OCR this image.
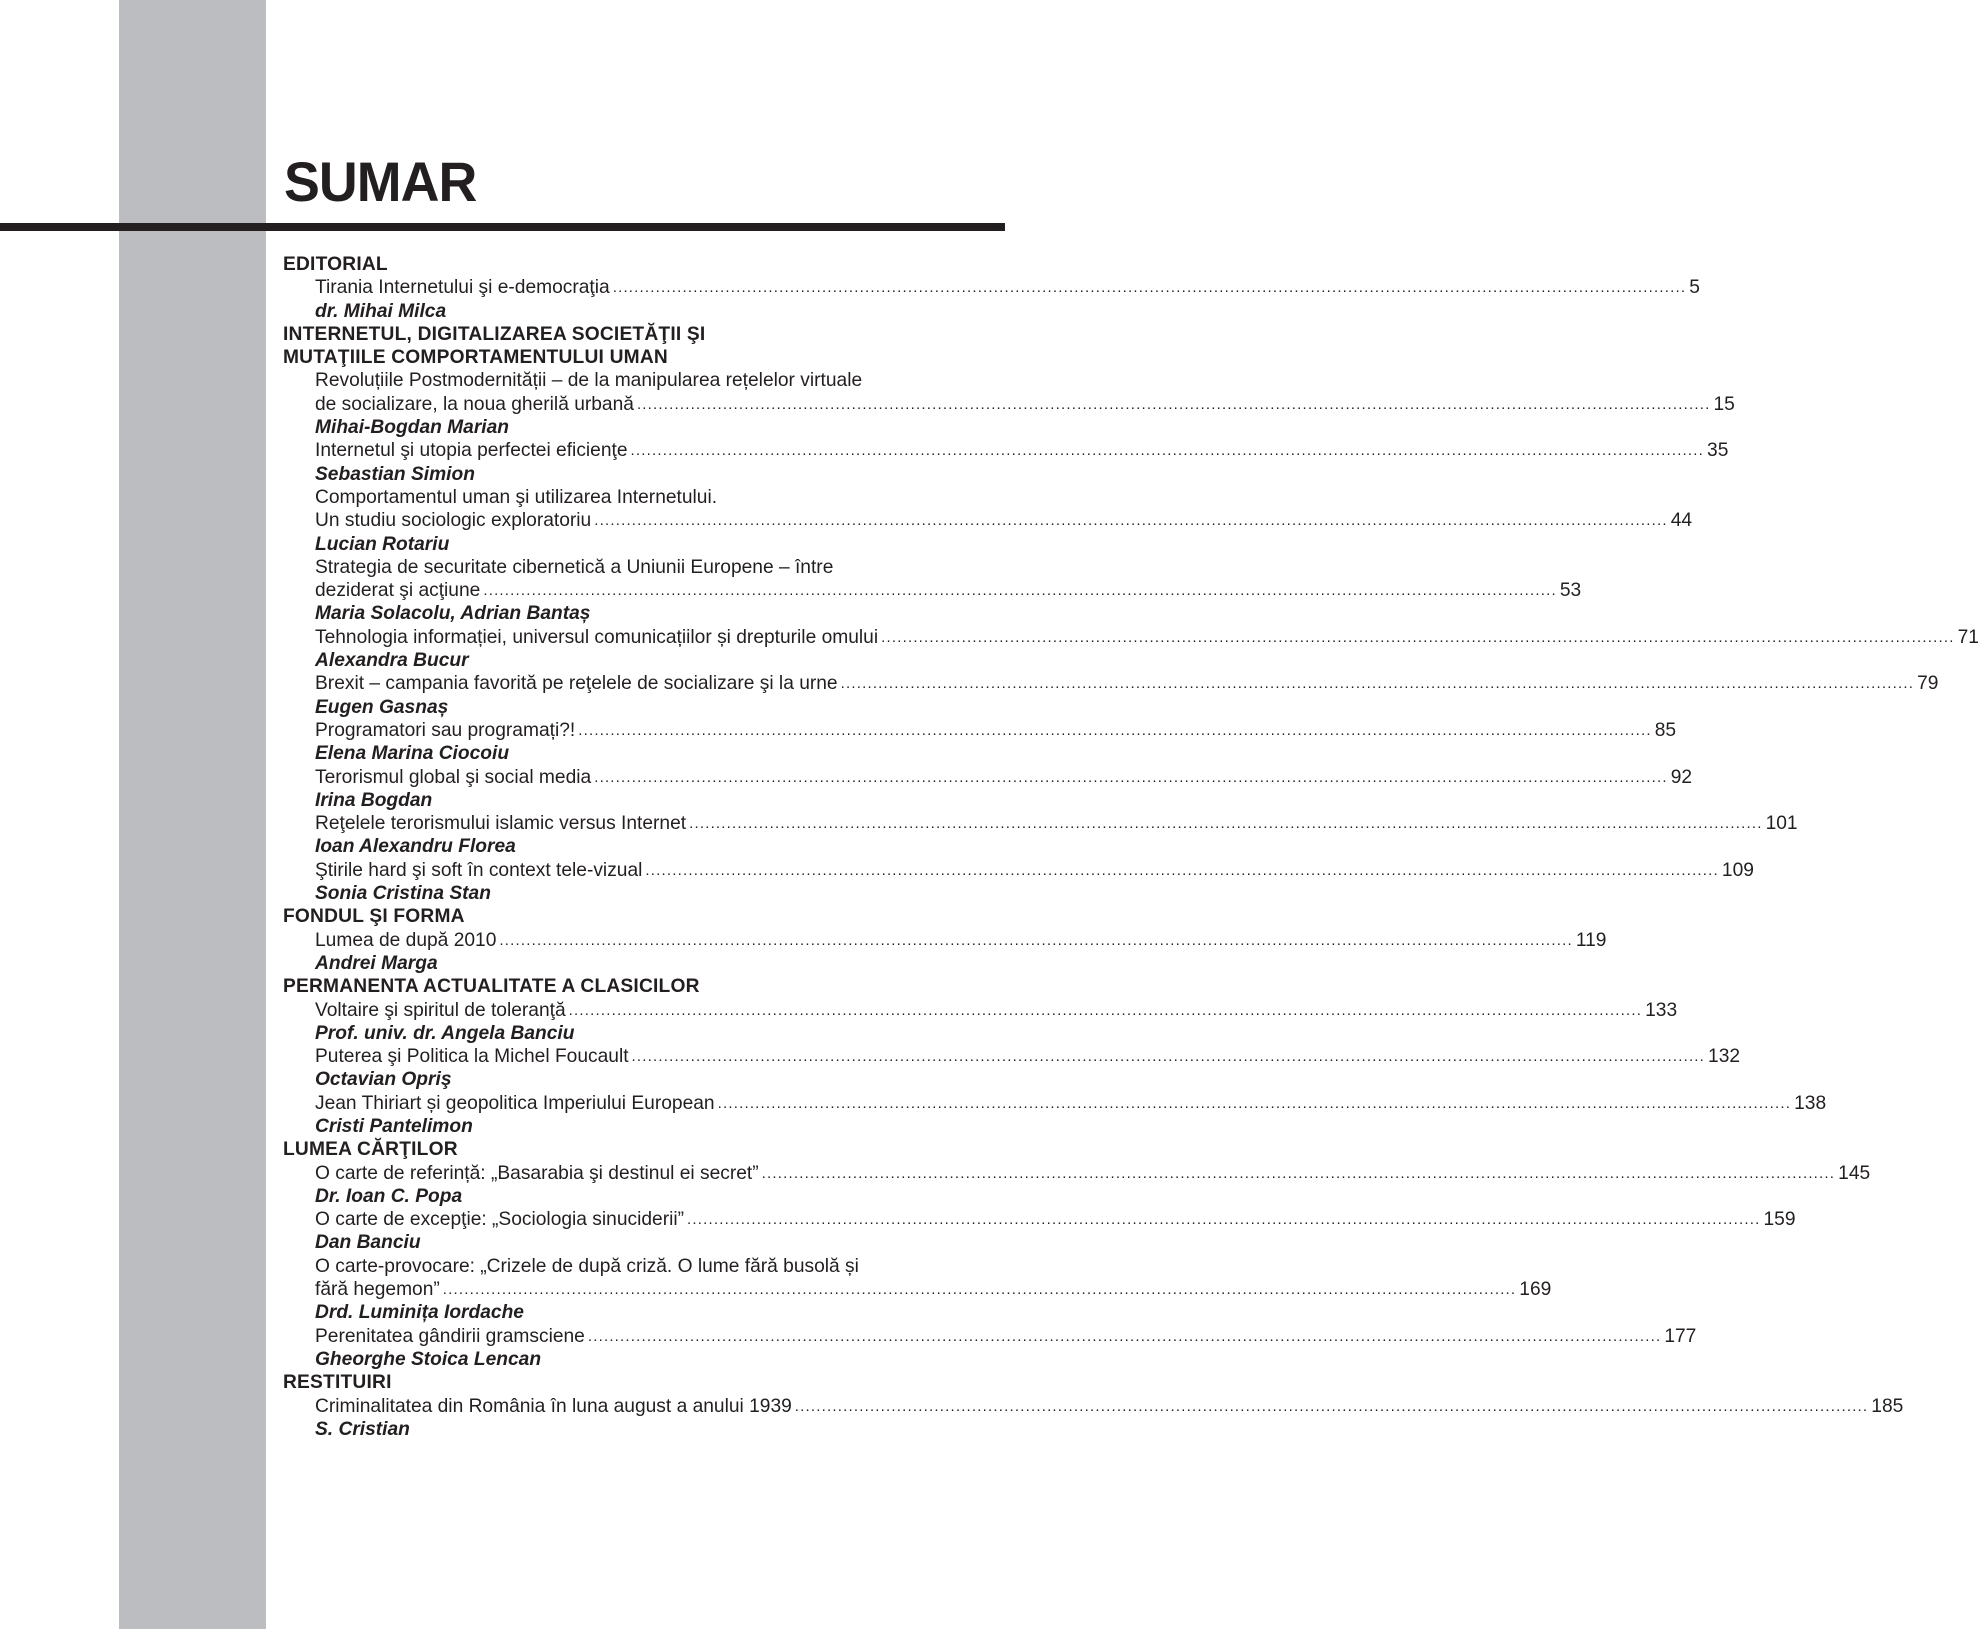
SUMAR
EDITORIAL
Tirania Internetului şi e-democraţia ........................................................................................................................................................................................................ 5
dr. Mihai Milca
INTERNETUL, DIGITALIZAREA SOCIETĂŢII ŞI
MUTAŢIILE COMPORTAMENTULUI UMAN
Revoluțiile Postmodernității – de la manipularea rețelelor virtuale
de socializare, la noua gherilă urbană ........................................................................................................................................................................................................ 15
Mihai-Bogdan Marian
Internetul şi utopia perfectei eficienţe ........................................................................................................................................................................................................ 35
Sebastian Simion
Comportamentul uman şi utilizarea Internetului.
Un studiu sociologic exploratoriu ........................................................................................................................................................................................................ 44
Lucian Rotariu
Strategia de securitate cibernetică a Uniunii Europene – între
deziderat şi acţiune ........................................................................................................................................................................................................ 53
Maria Solacolu, Adrian Bantaș
Tehnologia informației, universul comunicațiilor și drepturile omului ........................................................................................................................................................................................................ 71
Alexandra Bucur
Brexit – campania favorită pe reţelele de socializare şi la urne ........................................................................................................................................................................................................ 79
Eugen Gasnaș
Programatori sau programați?! ........................................................................................................................................................................................................ 85
Elena Marina Ciocoiu
Terorismul global şi social media ........................................................................................................................................................................................................ 92
Irina Bogdan
Reţelele terorismului islamic versus Internet ........................................................................................................................................................................................................ 101
Ioan Alexandru Florea
Ştirile hard şi soft în context tele-vizual ........................................................................................................................................................................................................ 109
Sonia Cristina Stan
FONDUL ŞI FORMA
Lumea de după 2010 ........................................................................................................................................................................................................ 119
Andrei Marga
PERMANENTA ACTUALITATE A CLASICILOR
Voltaire şi spiritul de toleranţă ........................................................................................................................................................................................................ 133
Prof. univ. dr. Angela Banciu
Puterea şi Politica la Michel Foucault ........................................................................................................................................................................................................ 132
Octavian Opriş
Jean Thiriart și geopolitica Imperiului European ........................................................................................................................................................................................................ 138
Cristi Pantelimon
LUMEA CĂRŢILOR
O carte de referință: „Basarabia şi destinul ei secret” ........................................................................................................................................................................................................ 145
Dr. Ioan C. Popa
O carte de excepţie: „Sociologia sinuciderii” ........................................................................................................................................................................................................ 159
Dan Banciu
O carte-provocare: „Crizele de după criză. O lume fără busolă și
fără hegemon” ........................................................................................................................................................................................................ 169
Drd. Luminița Iordache
Perenitatea gândirii gramsciene ........................................................................................................................................................................................................ 177
Gheorghe Stoica Lencan
RESTITUIRI
Criminalitatea din România în luna august a anului 1939 ........................................................................................................................................................................................................ 185
S. Cristian
